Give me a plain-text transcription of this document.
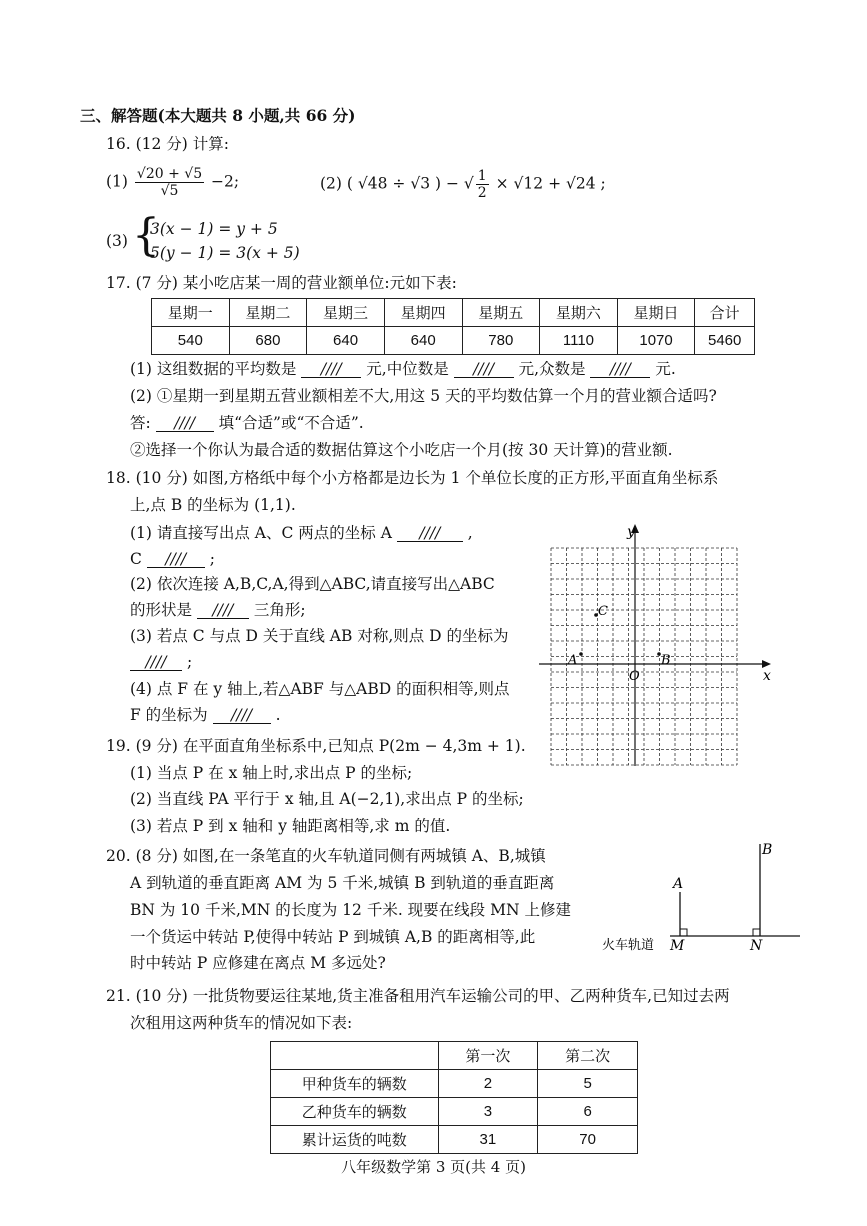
三、解答题(本大题共 8 小题,共 66 分)
16. (12 分) 计算:
$(1) \frac{√20 + √5}{√5} -2$;	(2) ( √48 ÷ √3 ) − √ $\frac{1}{2} \times √12 + √24$ ;
(3) {
3(x − 1) = y + 5
5(y − 1) = 3(x + 5)
17. (7 分) 某小吃店某一周的营业额单位:元如下表:
星期一	星期二	星期三	星期四	星期五	星期六	星期日	合计
540	680	640	640	780	1110	1070	5460
(1) 这组数据的平均数是 //// 元,中位数是 //// 元,众数是 //// 元.
(2) ①星期一到星期五营业额相差不大,用这 5 天的平均数估算一个月的营业额合适吗?
答: //// 填“合适”或“不合适”.
②选择一个你认为最合适的数据估算这个小吃店一个月(按 30 天计算)的营业额.
18. (10 分) 如图,方格纸中每个小方格都是边长为 1 个单位长度的正方形,平面直角坐标系
上,点 B 的坐标为 (1,1).
(1) 请直接写出点 A、C 两点的坐标 A //// ,
C //// ;
(2) 依次连接 A,B,C,A,得到△ABC,请直接写出△ABC
的形状是 //// 三角形;
(3) 若点 C 与点 D 关于直线 AB 对称,则点 D 的坐标为
//// ;
(4) 点 F 在 y 轴上,若△ABF 与△ABD 的面积相等,则点
F 的坐标为 //// .
y
x
O
A	B
C
19. (9 分) 在平面直角坐标系中,已知点 P(2m − 4,3m + 1).
(1) 当点 P 在 x 轴上时,求出点 P 的坐标;
(2) 当直线 PA 平行于 x 轴,且 A(−2,1),求出点 P 的坐标;
(3) 若点 P 到 x 轴和 y 轴距离相等,求 m 的值.
20. (8 分) 如图,在一条笔直的火车轨道同侧有两城镇 A、B,城镇
A 到轨道的垂直距离 AM 为 5 千米,城镇 B 到轨道的垂直距离
BN 为 10 千米,MN 的长度为 12 千米. 现要在线段 MN 上修建
一个货运中转站 P,使得中转站 P 到城镇 A,B 的距离相等,此
时中转站 P 应修建在离点 M 多远处?
A
B
火车轨道 M	N
21. (10 分) 一批货物要运往某地,货主准备租用汽车运输公司的甲、乙两种货车,已知过去两
次租用这两种货车的情况如下表:
	第一次	第二次
甲种货车的辆数	2	5
乙种货车的辆数	3	6
累计运货的吨数	31	70
八年级数学第 3 页(共 4 页)
